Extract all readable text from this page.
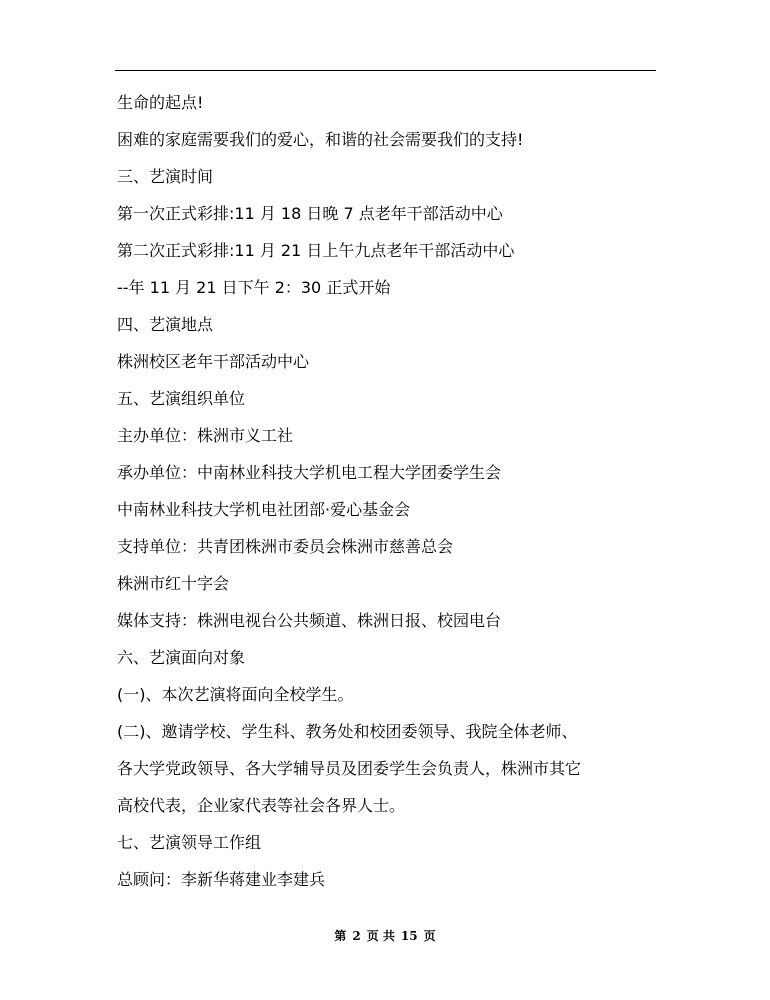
生命的起点!

困难的家庭需要我们的爱心，和谐的社会需要我们的支持!

三、艺演时间

第一次正式彩排:11 月 18 日晚 7 点老年干部活动中心

第二次正式彩排:11 月 21 日上午九点老年干部活动中心

--年 11 月 21 日下午 2：30 正式开始

四、艺演地点

株洲校区老年干部活动中心

五、艺演组织单位

主办单位：株洲市义工社

承办单位：中南林业科技大学机电工程大学团委学生会

中南林业科技大学机电社团部·爱心基金会

支持单位：共青团株洲市委员会株洲市慈善总会

株洲市红十字会

媒体支持：株洲电视台公共频道、株洲日报、校园电台

六、艺演面向对象

(一)、本次艺演将面向全校学生。

(二)、邀请学校、学生科、教务处和校团委领导、我院全体老师、

各大学党政领导、各大学辅导员及团委学生会负责人，株洲市其它

高校代表，企业家代表等社会各界人士。

七、艺演领导工作组

总顾问：李新华蒋建业李建兵

第 2 页 共 15 页
